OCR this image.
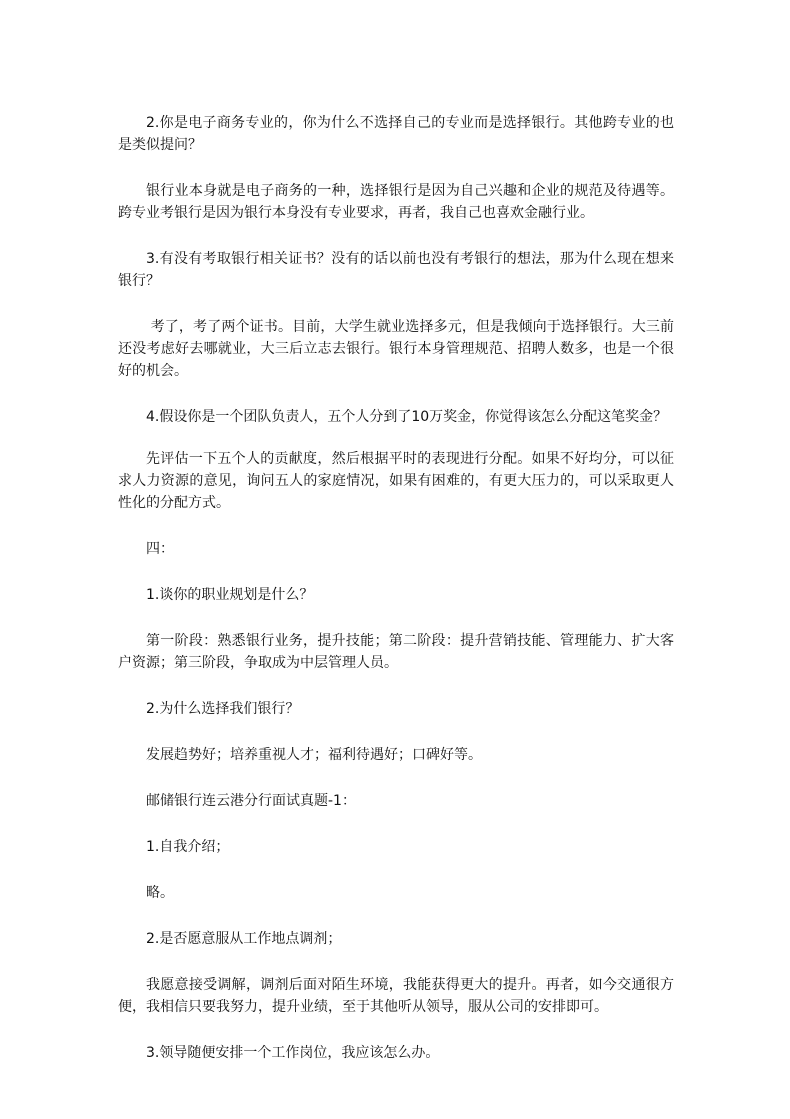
2.你是电子商务专业的，你为什么不选择自己的专业而是选择银行。其他跨专业的也是类似提问？

银行业本身就是电子商务的一种，选择银行是因为自己兴趣和企业的规范及待遇等。跨专业考银行是因为银行本身没有专业要求，再者，我自己也喜欢金融行业。

3.有没有考取银行相关证书？没有的话以前也没有考银行的想法，那为什么现在想来银行？

考了，考了两个证书。目前，大学生就业选择多元，但是我倾向于选择银行。大三前还没考虑好去哪就业，大三后立志去银行。银行本身管理规范、招聘人数多，也是一个很好的机会。

4.假设你是一个团队负责人，五个人分到了10万奖金，你觉得该怎么分配这笔奖金？

先评估一下五个人的贡献度，然后根据平时的表现进行分配。如果不好均分，可以征求人力资源的意见，询问五人的家庭情况，如果有困难的，有更大压力的，可以采取更人性化的分配方式。

四：

1.谈你的职业规划是什么？

第一阶段：熟悉银行业务，提升技能；第二阶段：提升营销技能、管理能力、扩大客户资源；第三阶段，争取成为中层管理人员。

2.为什么选择我们银行？

发展趋势好；培养重视人才；福利待遇好；口碑好等。

邮储银行连云港分行面试真题-1：

1.自我介绍；

略。

2.是否愿意服从工作地点调剂；

我愿意接受调解，调剂后面对陌生环境，我能获得更大的提升。再者，如今交通很方便，我相信只要我努力，提升业绩，至于其他听从领导，服从公司的安排即可。

3.领导随便安排一个工作岗位，我应该怎么办。
